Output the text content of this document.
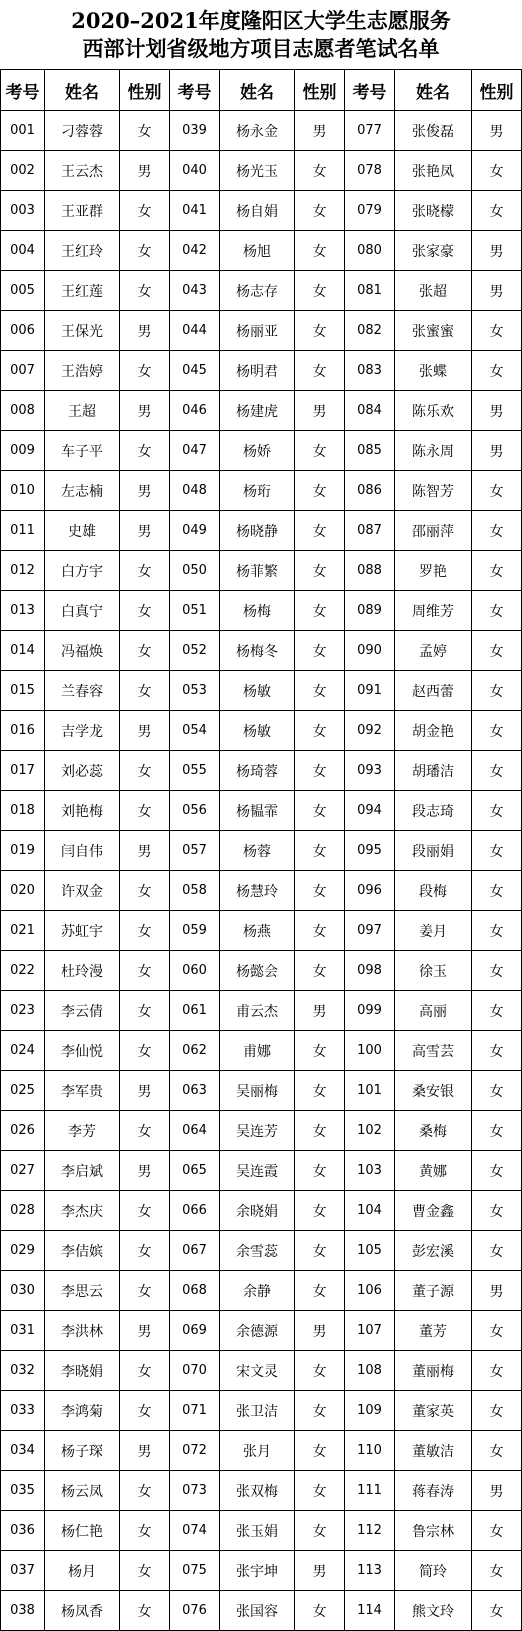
2020–2021年度隆阳区大学生志愿服务
西部计划省级地方项目志愿者笔试名单
考号	姓名	性别	考号	姓名	性别	考号	姓名	性别
001	刁蓉蓉	女	039	杨永金	男	077	张俊磊	男
002	王云杰	男	040	杨光玉	女	078	张艳凤	女
003	王亚群	女	041	杨自娟	女	079	张晓檬	女
004	王红玲	女	042	杨旭	女	080	张家豪	男
005	王红莲	女	043	杨志存	女	081	张超	男
006	王保光	男	044	杨丽亚	女	082	张蜜蜜	女
007	王浩婷	女	045	杨明君	女	083	张蝶	女
008	王超	男	046	杨建虎	男	084	陈乐欢	男
009	车子平	女	047	杨娇	女	085	陈永周	男
010	左志楠	男	048	杨珩	女	086	陈智芳	女
011	史雄	男	049	杨晓静	女	087	邵丽萍	女
012	白方宇	女	050	杨菲繁	女	088	罗艳	女
013	白真宁	女	051	杨梅	女	089	周维芳	女
014	冯福焕	女	052	杨梅冬	女	090	孟婷	女
015	兰春容	女	053	杨敏	女	091	赵西蕾	女
016	吉学龙	男	054	杨敏	女	092	胡金艳	女
017	刘必蕊	女	055	杨琦蓉	女	093	胡璠洁	女
018	刘艳梅	女	056	杨韫霏	女	094	段志琦	女
019	闫自伟	男	057	杨蓉	女	095	段丽娟	女
020	许双金	女	058	杨慧玲	女	096	段梅	女
021	苏虹宇	女	059	杨燕	女	097	姜月	女
022	杜玲漫	女	060	杨懿会	女	098	徐玉	女
023	李云倩	女	061	甫云杰	男	099	高丽	女
024	李仙悦	女	062	甫娜	女	100	高雪芸	女
025	李军贵	男	063	吴丽梅	女	101	桑安银	女
026	李芳	女	064	吴连芳	女	102	桑梅	女
027	李启斌	男	065	吴连霞	女	103	黄娜	女
028	李杰庆	女	066	余晓娟	女	104	曹金鑫	女
029	李佶嫔	女	067	余雪蕊	女	105	彭宏溪	女
030	李思云	女	068	余静	女	106	董子源	男
031	李洪林	男	069	余德源	男	107	董芳	女
032	李晓娟	女	070	宋文灵	女	108	董丽梅	女
033	李鸿菊	女	071	张卫洁	女	109	董家英	女
034	杨子琛	男	072	张月	女	110	董敏洁	女
035	杨云凤	女	073	张双梅	女	111	蒋春涛	男
036	杨仁艳	女	074	张玉娟	女	112	鲁宗林	女
037	杨月	女	075	张宇坤	男	113	简玲	女
038	杨凤香	女	076	张国容	女	114	熊文玲	女
